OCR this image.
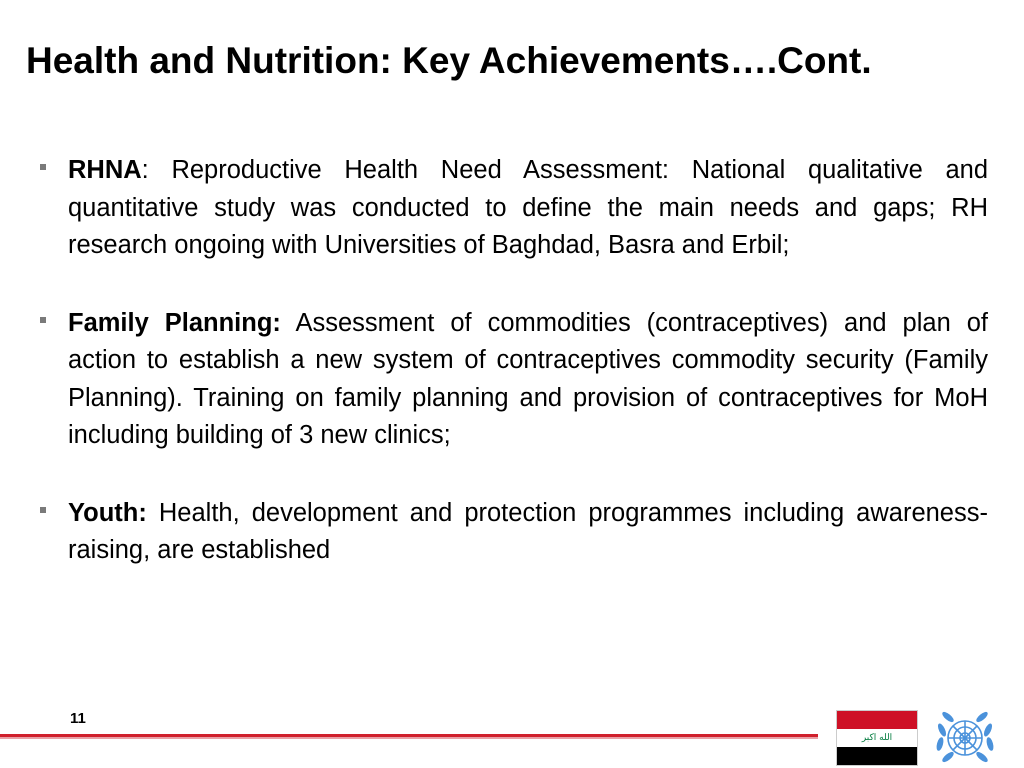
Health and Nutrition: Key Achievements….Cont.

RHNA: Reproductive Health Need Assessment: National qualitative and quantitative study was conducted to define the main needs and gaps; RH research ongoing with Universities of Baghdad, Basra and Erbil;

Family Planning: Assessment of commodities (contraceptives) and plan of action to establish a new system of contraceptives commodity security (Family Planning). Training on family planning and provision of contraceptives for MoH including building of 3 new clinics;

Youth: Health, development and protection programmes including awareness-raising, are established

11
الله اكبر
